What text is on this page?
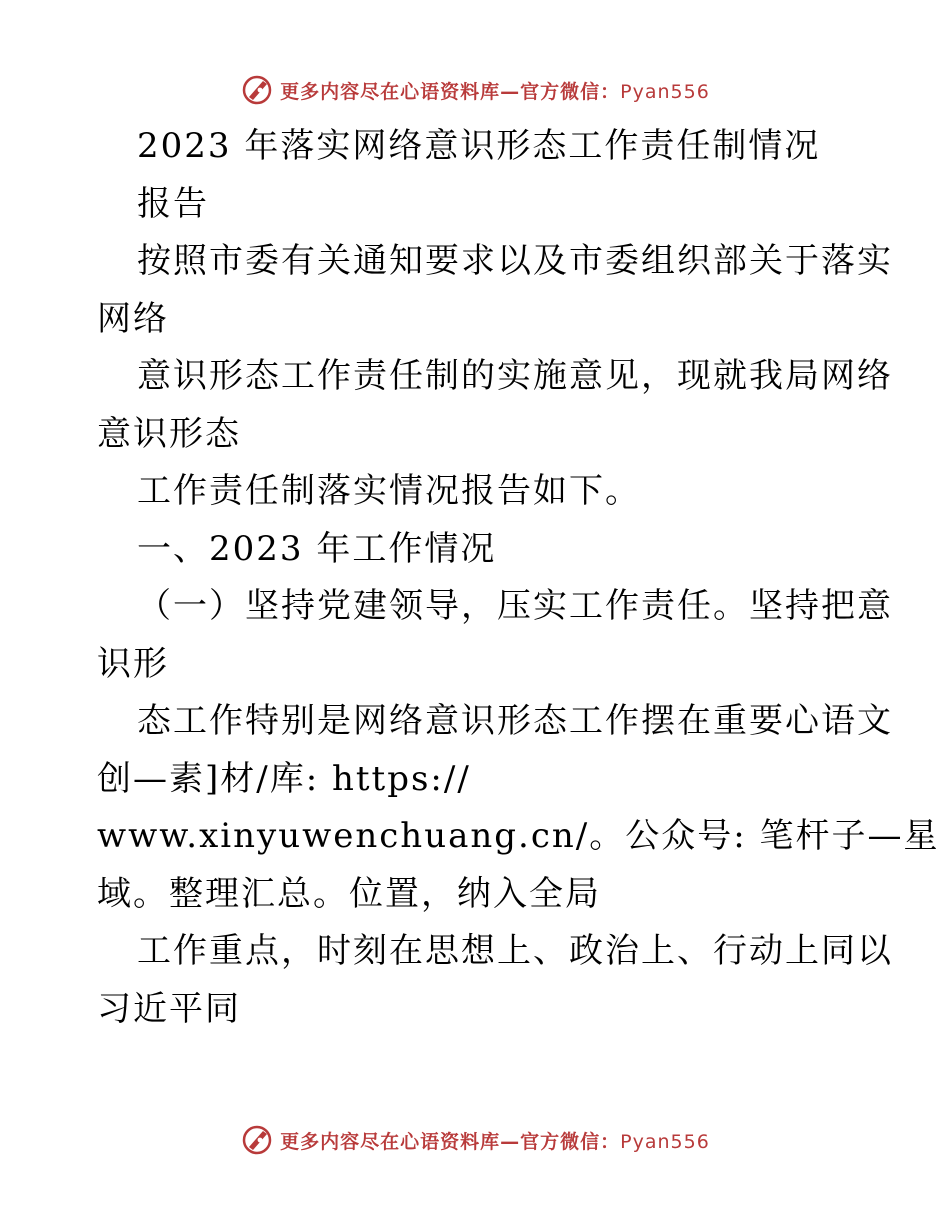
更多内容尽在心语资料库—官方微信：Pyan556
2023 年落实网络意识形态工作责任制情况
报告
按照市委有关通知要求以及市委组织部关于落实
网络
意识形态工作责任制的实施意见，现就我局网络
意识形态
工作责任制落实情况报告如下。
一、2023 年工作情况
（一）坚持党建领导，压实工作责任。坚持把意
识形
态工作特别是网络意识形态工作摆在重要心语文
创—素]材/库: https://
www.xinyuwenchuang.cn/。公众号: 笔杆子—星
域。整理汇总。位置，纳入全局
工作重点，时刻在思想上、政治上、行动上同以
习近平同
更多内容尽在心语资料库—官方微信：Pyan556
